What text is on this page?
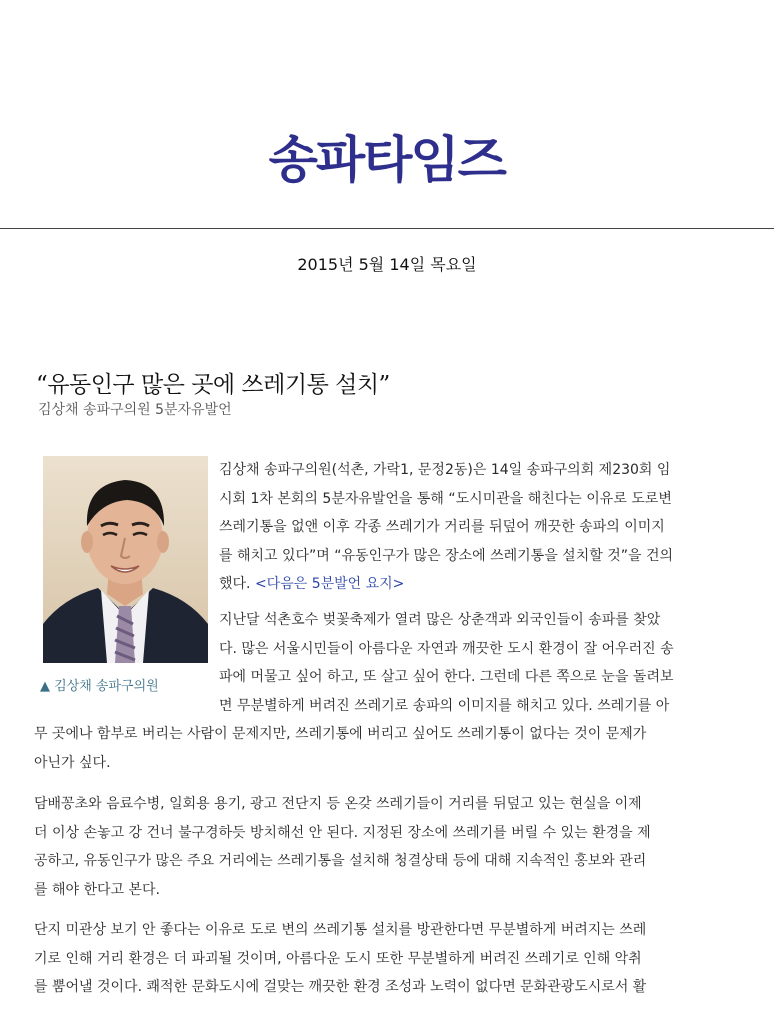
송파타임즈
2015년 5월 14일 목요일
“유동인구 많은 곳에 쓰레기통 설치”
김상채 송파구의원 5분자유발언
▲ 김상채 송파구의원
김상채 송파구의원(석촌, 가락1, 문정2동)은 14일 송파구의회 제230회 임
시회 1차 본회의 5분자유발언을 통해 “도시미관을 해친다는 이유로 도로변
쓰레기통을 없앤 이후 각종 쓰레기가 거리를 뒤덮어 깨끗한 송파의 이미지
를 해치고 있다”며 “유동인구가 많은 장소에 쓰레기통을 설치할 것”을 건의
했다. <다음은 5분발언 요지>
지난달 석촌호수 벚꽃축제가 열려 많은 상춘객과 외국인들이 송파를 찾았
다. 많은 서울시민들이 아름다운 자연과 깨끗한 도시 환경이 잘 어우러진 송
파에 머물고 싶어 하고, 또 살고 싶어 한다. 그런데 다른 쪽으로 눈을 돌려보
면 무분별하게 버려진 쓰레기로 송파의 이미지를 해치고 있다. 쓰레기를 아
무 곳에나 함부로 버리는 사람이 문제지만, 쓰레기통에 버리고 싶어도 쓰레기통이 없다는 것이 문제가
아닌가 싶다.
담배꽁초와 음료수병, 일회용 용기, 광고 전단지 등 온갖 쓰레기들이 거리를 뒤덮고 있는 현실을 이제
더 이상 손놓고 강 건너 불구경하듯 방치해선 안 된다. 지정된 장소에 쓰레기를 버릴 수 있는 환경을 제
공하고, 유동인구가 많은 주요 거리에는 쓰레기통을 설치해 청결상태 등에 대해 지속적인 홍보와 관리
를 해야 한다고 본다.
단지 미관상 보기 안 좋다는 이유로 도로 변의 쓰레기통 설치를 방관한다면 무분별하게 버려지는 쓰레
기로 인해 거리 환경은 더 파괴될 것이며, 아름다운 도시 또한 무분별하게 버려진 쓰레기로 인해 악취
를 뿜어낼 것이다. 쾌적한 문화도시에 걸맞는 깨끗한 환경 조성과 노력이 없다면 문화관광도시로서 활
